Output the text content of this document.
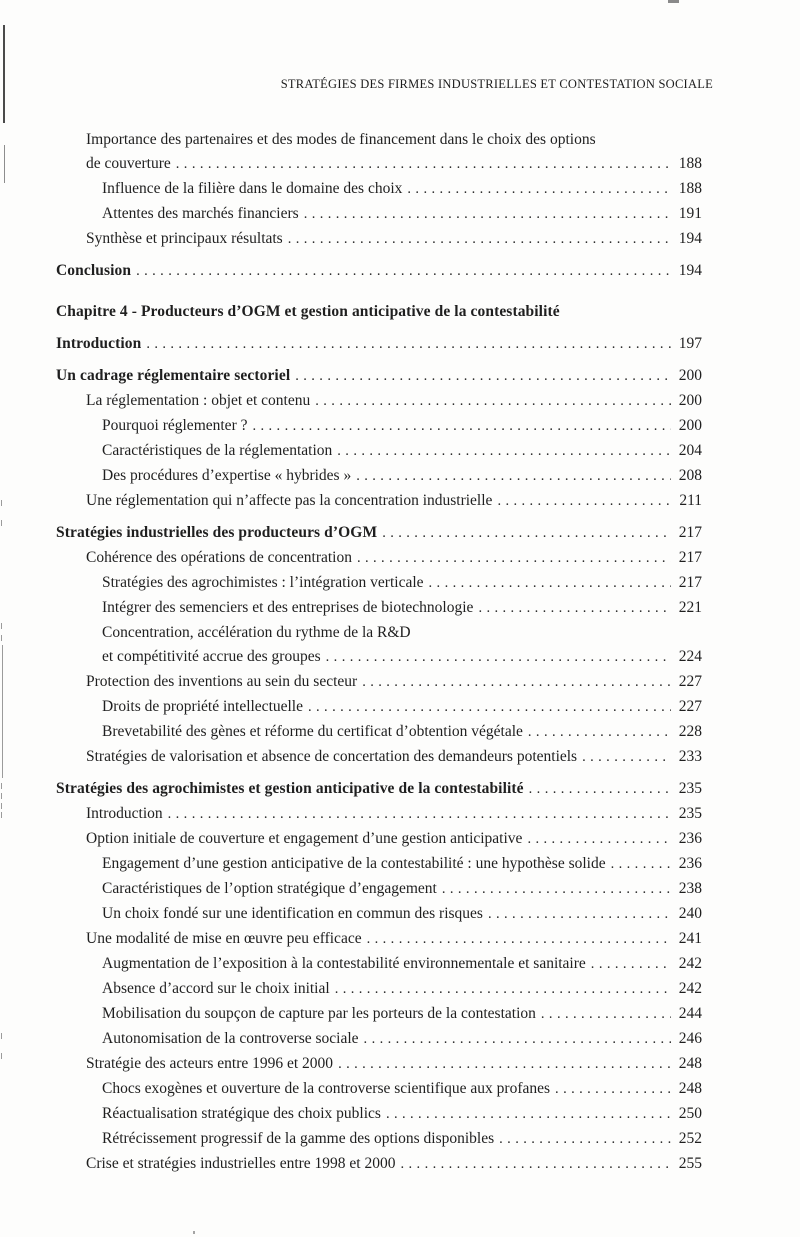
STRATÉGIES DES FIRMES INDUSTRIELLES ET CONTESTATION SOCIALE
Importance des partenaires et des modes de financement dans le choix des options
de couverture .....	188
Influence de la filière dans le domaine des choix .....	188
Attentes des marchés financiers .....	191
Synthèse et principaux résultats .....	194
Conclusion .....	194
Chapitre 4 - Producteurs d’OGM et gestion anticipative de la contestabilité
Introduction .....	197
Un cadrage réglementaire sectoriel .....	200
La réglementation : objet et contenu .....	200
Pourquoi réglementer ? .....	200
Caractéristiques de la réglementation .....	204
Des procédures d’expertise « hybrides » .....	208
Une réglementation qui n’affecte pas la concentration industrielle .....	211
Stratégies industrielles des producteurs d’OGM .....	217
Cohérence des opérations de concentration .....	217
Stratégies des agrochimistes : l’intégration verticale .....	217
Intégrer des semenciers et des entreprises de biotechnologie .....	221
Concentration, accélération du rythme de la R&D
et compétitivité accrue des groupes .....	224
Protection des inventions au sein du secteur .....	227
Droits de propriété intellectuelle .....	227
Brevetabilité des gènes et réforme du certificat d’obtention végétale .....	228
Stratégies de valorisation et absence de concertation des demandeurs potentiels .....	233
Stratégies des agrochimistes et gestion anticipative de la contestabilité .....	235
Introduction .....	235
Option initiale de couverture et engagement d’une gestion anticipative .....	236
Engagement d’une gestion anticipative de la contestabilité : une hypothèse solide .....	236
Caractéristiques de l’option stratégique d’engagement .....	238
Un choix fondé sur une identification en commun des risques .....	240
Une modalité de mise en œuvre peu efficace .....	241
Augmentation de l’exposition à la contestabilité environnementale et sanitaire .....	242
Absence d’accord sur le choix initial .....	242
Mobilisation du soupçon de capture par les porteurs de la contestation .....	244
Autonomisation de la controverse sociale .....	246
Stratégie des acteurs entre 1996 et 2000 .....	248
Chocs exogènes et ouverture de la controverse scientifique aux profanes .....	248
Réactualisation stratégique des choix publics .....	250
Rétrécissement progressif de la gamme des options disponibles .....	252
Crise et stratégies industrielles entre 1998 et 2000 .....	255
